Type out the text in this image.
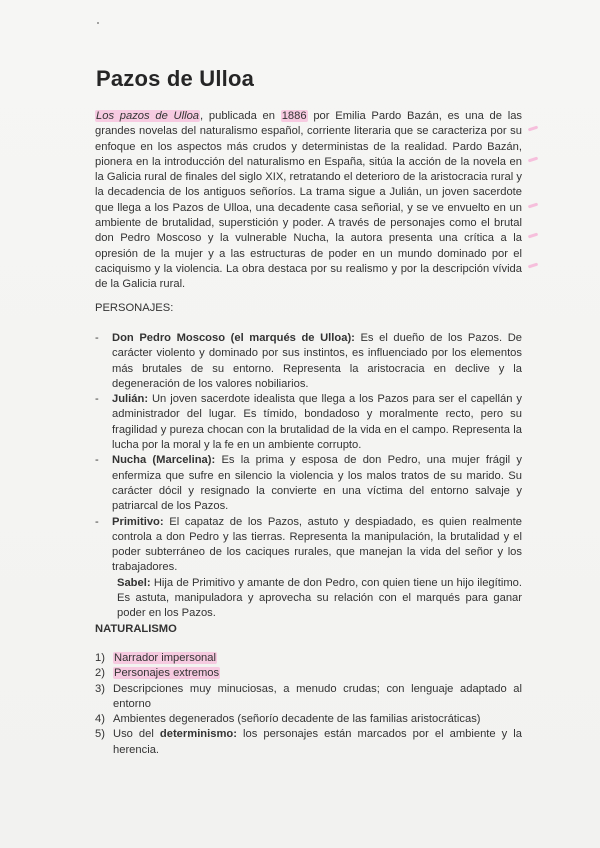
Pazos de Ulloa
Los pazos de Ulloa, publicada en 1886 por Emilia Pardo Bazán, es una de las grandes novelas del naturalismo español, corriente literaria que se caracteriza por su enfoque en los aspectos más crudos y deterministas de la realidad. Pardo Bazán, pionera en la introducción del naturalismo en España, sitúa la acción de la novela en la Galicia rural de finales del siglo XIX, retratando el deterioro de la aristocracia rural y la decadencia de los antiguos señoríos. La trama sigue a Julián, un joven sacerdote que llega a los Pazos de Ulloa, una decadente casa señorial, y se ve envuelto en un ambiente de brutalidad, superstición y poder. A través de personajes como el brutal don Pedro Moscoso y la vulnerable Nucha, la autora presenta una crítica a la opresión de la mujer y a las estructuras de poder en un mundo dominado por el caciquismo y la violencia. La obra destaca por su realismo y por la descripción vívida de la Galicia rural.
PERSONAJES:
- Don Pedro Moscoso (el marqués de Ulloa): Es el dueño de los Pazos. De carácter violento y dominado por sus instintos, es influenciado por los elementos más brutales de su entorno. Representa la aristocracia en declive y la degeneración de los valores nobiliarios.
- Julián: Un joven sacerdote idealista que llega a los Pazos para ser el capellán y administrador del lugar. Es tímido, bondadoso y moralmente recto, pero su fragilidad y pureza chocan con la brutalidad de la vida en el campo. Representa la lucha por la moral y la fe en un ambiente corrupto.
- Nucha (Marcelina): Es la prima y esposa de don Pedro, una mujer frágil y enfermiza que sufre en silencio la violencia y los malos tratos de su marido. Su carácter dócil y resignado la convierte en una víctima del entorno salvaje y patriarcal de los Pazos.
- Primitivo: El capataz de los Pazos, astuto y despiadado, es quien realmente controla a don Pedro y las tierras. Representa la manipulación, la brutalidad y el poder subterráneo de los caciques rurales, que manejan la vida del señor y los trabajadores.
Sabel: Hija de Primitivo y amante de don Pedro, con quien tiene un hijo ilegítimo. Es astuta, manipuladora y aprovecha su relación con el marqués para ganar poder en los Pazos.
NATURALISMO
1) Narrador impersonal
2) Personajes extremos
3) Descripciones muy minuciosas, a menudo crudas; con lenguaje adaptado al entorno
4) Ambientes degenerados (señorío decadente de las familias aristocráticas)
5) Uso del determinismo: los personajes están marcados por el ambiente y la herencia.
